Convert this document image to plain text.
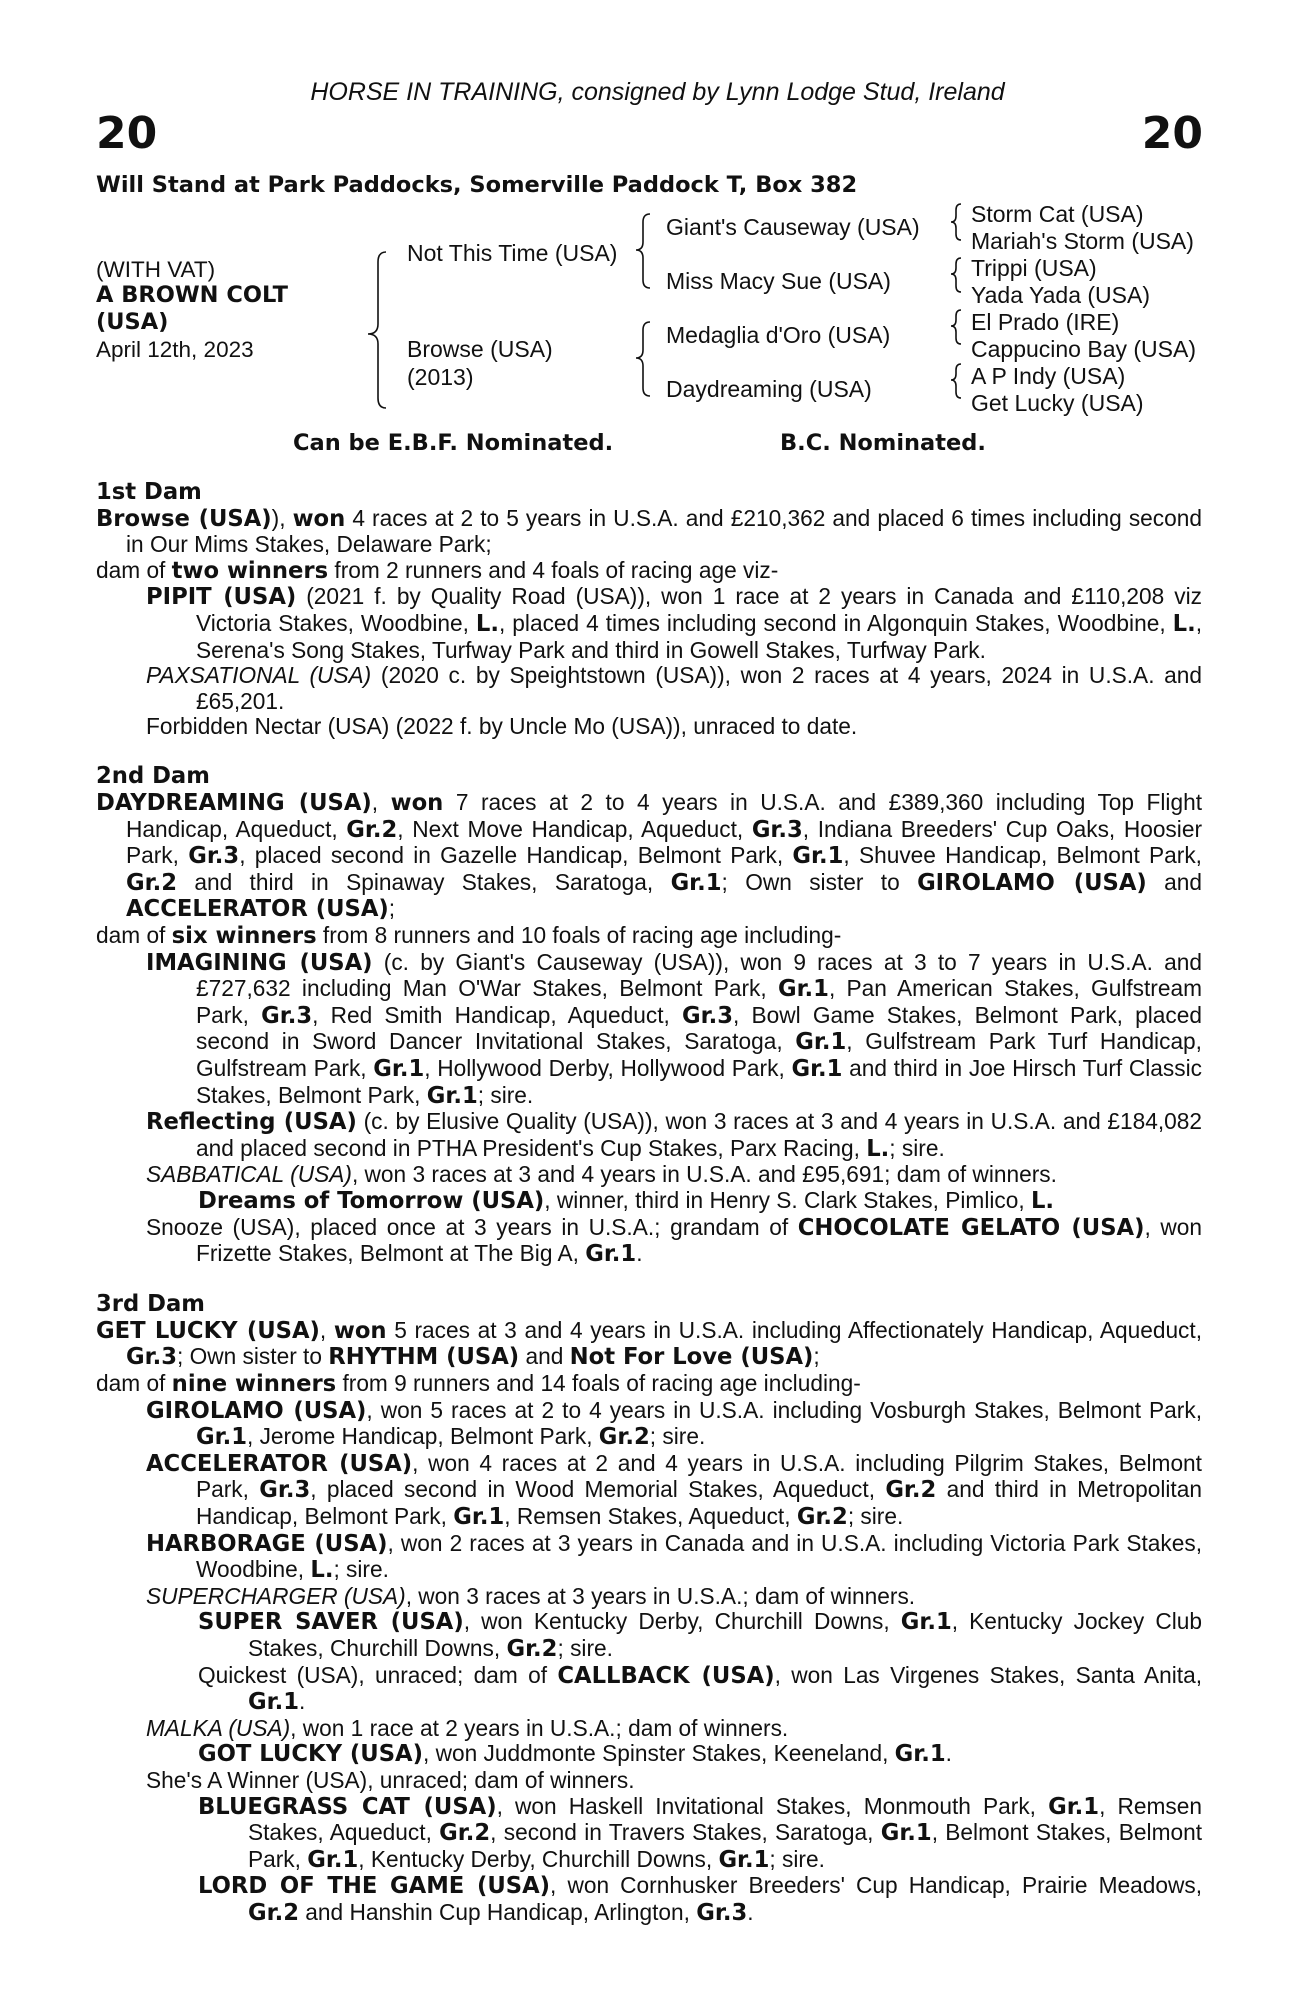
HORSE IN TRAINING, consigned by Lynn Lodge Stud, Ireland
20	20
Will Stand at Park Paddocks, Somerville Paddock T, Box 382
(WITH VAT)
A BROWN COLT
(USA)
April 12th, 2023
Not This Time (USA)
Browse (USA)
(2013)
Giant's Causeway (USA)
Miss Macy Sue (USA)
Medaglia d'Oro (USA)
Daydreaming (USA)
Storm Cat (USA)
Mariah's Storm (USA)
Trippi (USA)
Yada Yada (USA)
El Prado (IRE)
Cappucino Bay (USA)
A P Indy (USA)
Get Lucky (USA)
Can be E.B.F. Nominated.	B.C. Nominated.
1st Dam

Browse (USA)), won 4 races at 2 to 5 years in U.S.A. and £210,362 and placed 6 times including second in Our Mims Stakes, Delaware Park;

dam of two winners from 2 runners and 4 foals of racing age viz-

PIPIT (USA) (2021 f. by Quality Road (USA)), won 1 race at 2 years in Canada and £110,208 viz Victoria Stakes, Woodbine, L., placed 4 times including second in Algonquin Stakes, Woodbine, L., Serena's Song Stakes, Turfway Park and third in Gowell Stakes, Turfway Park.

PAXSATIONAL (USA) (2020 c. by Speightstown (USA)), won 2 races at 4 years, 2024 in U.S.A. and £65,201.

Forbidden Nectar (USA) (2022 f. by Uncle Mo (USA)), unraced to date.

2nd Dam

DAYDREAMING (USA), won 7 races at 2 to 4 years in U.S.A. and £389,360 including Top Flight Handicap, Aqueduct, Gr.2, Next Move Handicap, Aqueduct, Gr.3, Indiana Breeders' Cup Oaks, Hoosier Park, Gr.3, placed second in Gazelle Handicap, Belmont Park, Gr.1, Shuvee Handicap, Belmont Park, Gr.2 and third in Spinaway Stakes, Saratoga, Gr.1; Own sister to GIROLAMO (USA) and ACCELERATOR (USA);

dam of six winners from 8 runners and 10 foals of racing age including-

IMAGINING (USA) (c. by Giant's Causeway (USA)), won 9 races at 3 to 7 years in U.S.A. and £727,632 including Man O'War Stakes, Belmont Park, Gr.1, Pan American Stakes, Gulfstream Park, Gr.3, Red Smith Handicap, Aqueduct, Gr.3, Bowl Game Stakes, Belmont Park, placed second in Sword Dancer Invitational Stakes, Saratoga, Gr.1, Gulfstream Park Turf Handicap, Gulfstream Park, Gr.1, Hollywood Derby, Hollywood Park, Gr.1 and third in Joe Hirsch Turf Classic Stakes, Belmont Park, Gr.1; sire.

Reflecting (USA) (c. by Elusive Quality (USA)), won 3 races at 3 and 4 years in U.S.A. and £184,082 and placed second in PTHA President's Cup Stakes, Parx Racing, L.; sire.

SABBATICAL (USA), won 3 races at 3 and 4 years in U.S.A. and £95,691; dam of winners.

Dreams of Tomorrow (USA), winner, third in Henry S. Clark Stakes, Pimlico, L.

Snooze (USA), placed once at 3 years in U.S.A.; grandam of CHOCOLATE GELATO (USA), won Frizette Stakes, Belmont at The Big A, Gr.1.

3rd Dam

GET LUCKY (USA), won 5 races at 3 and 4 years in U.S.A. including Affectionately Handicap, Aqueduct, Gr.3; Own sister to RHYTHM (USA) and Not For Love (USA);

dam of nine winners from 9 runners and 14 foals of racing age including-

GIROLAMO (USA), won 5 races at 2 to 4 years in U.S.A. including Vosburgh Stakes, Belmont Park, Gr.1, Jerome Handicap, Belmont Park, Gr.2; sire.

ACCELERATOR (USA), won 4 races at 2 and 4 years in U.S.A. including Pilgrim Stakes, Belmont Park, Gr.3, placed second in Wood Memorial Stakes, Aqueduct, Gr.2 and third in Metropolitan Handicap, Belmont Park, Gr.1, Remsen Stakes, Aqueduct, Gr.2; sire.

HARBORAGE (USA), won 2 races at 3 years in Canada and in U.S.A. including Victoria Park Stakes, Woodbine, L.; sire.

SUPERCHARGER (USA), won 3 races at 3 years in U.S.A.; dam of winners.

SUPER SAVER (USA), won Kentucky Derby, Churchill Downs, Gr.1, Kentucky Jockey Club Stakes, Churchill Downs, Gr.2; sire.

Quickest (USA), unraced; dam of CALLBACK (USA), won Las Virgenes Stakes, Santa Anita, Gr.1.

MALKA (USA), won 1 race at 2 years in U.S.A.; dam of winners.

GOT LUCKY (USA), won Juddmonte Spinster Stakes, Keeneland, Gr.1.

She's A Winner (USA), unraced; dam of winners.

BLUEGRASS CAT (USA), won Haskell Invitational Stakes, Monmouth Park, Gr.1, Remsen Stakes, Aqueduct, Gr.2, second in Travers Stakes, Saratoga, Gr.1, Belmont Stakes, Belmont Park, Gr.1, Kentucky Derby, Churchill Downs, Gr.1; sire.

LORD OF THE GAME (USA), won Cornhusker Breeders' Cup Handicap, Prairie Meadows, Gr.2 and Hanshin Cup Handicap, Arlington, Gr.3.
